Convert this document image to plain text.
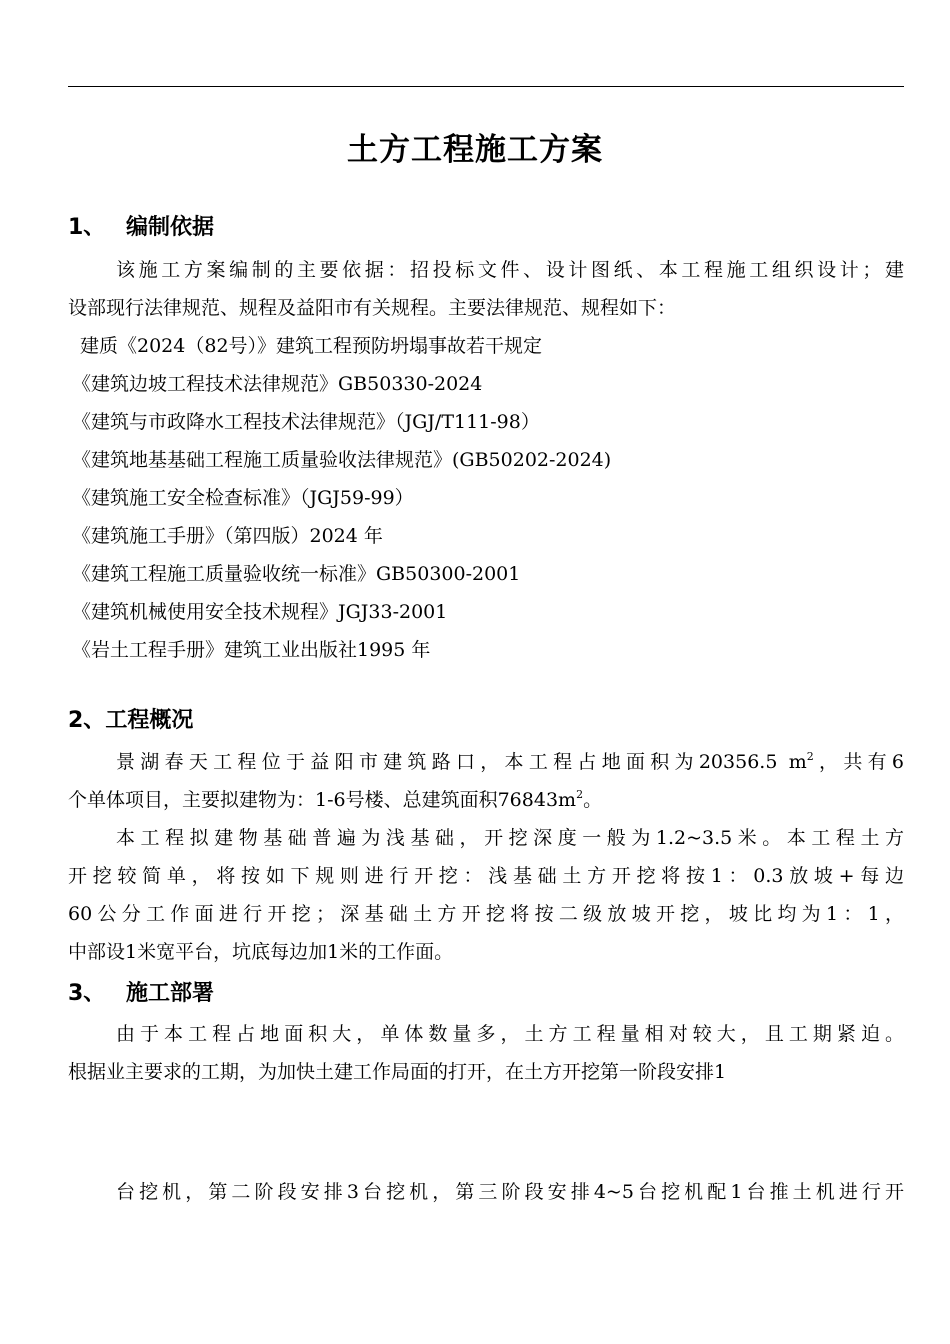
土方工程施工方案
1、 编制依据
该施工方案编制的主要依据：招投标文件、设计图纸、本工程施工组织设计；建
设部现行法律规范、规程及益阳市有关规程。主要法律规范、规程如下：
建质《2024（82号）》建筑工程预防坍塌事故若干规定
《建筑边坡工程技术法律规范》GB50330-2024
《建筑与市政降水工程技术法律规范》（JGJ/T111-98）
《建筑地基基础工程施工质量验收法律规范》(GB50202-2024)
《建筑施工安全检查标准》（JGJ59-99）
《建筑施工手册》（第四版）2024 年
《建筑工程施工质量验收统一标准》GB50300-2001
《建筑机械使用安全技术规程》JGJ33-2001
《岩土工程手册》建筑工业出版社1995 年
2、工程概况
景湖春天工程位于益阳市建筑路口，本工程占地面积为20356.5 $m^2$，共有6
个单体项目，主要拟建物为：1-6号楼、总建筑面积$76843m^2$。
本工程拟建物基础普遍为浅基础，开挖深度一般为1.2~3.5米。本工程土方
开挖较简单，将按如下规则进行开挖：浅基础土方开挖将按1：0.3放坡+每边
60公分工作面进行开挖；深基础土方开挖将按二级放坡开挖，坡比均为1：1，
中部设1米宽平台，坑底每边加1米的工作面。
3、 施工部署
由于本工程占地面积大，单体数量多，土方工程量相对较大，且工期紧迫。
根据业主要求的工期，为加快土建工作局面的打开，在土方开挖第一阶段安排1
台挖机，第二阶段安排3台挖机，第三阶段安排4~5台挖机配1台推土机进行开
